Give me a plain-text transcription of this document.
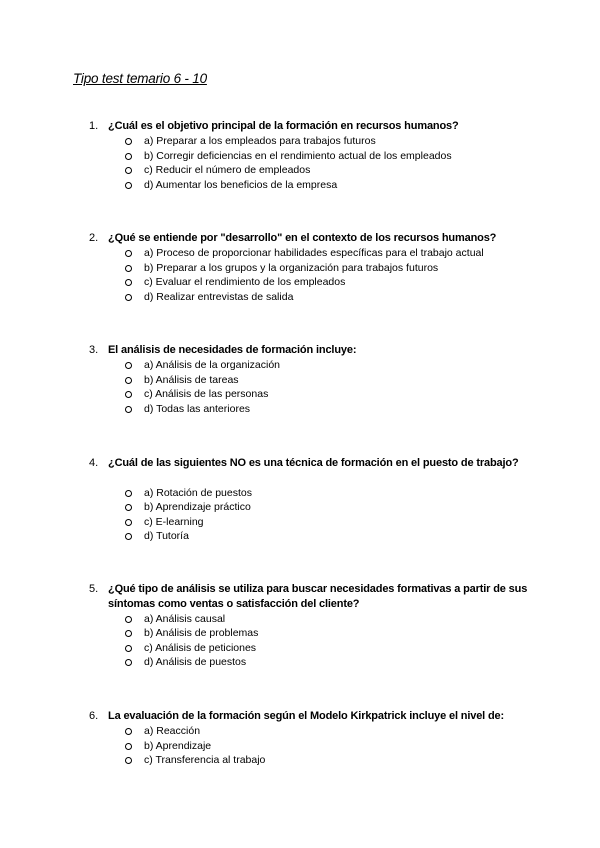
Tipo test temario 6 - 10
1. ¿Cuál es el objetivo principal de la formación en recursos humanos?

a) Preparar a los empleados para trabajos futuros
b) Corregir deficiencias en el rendimiento actual de los empleados
c) Reducir el número de empleados
d) Aumentar los beneficios de la empresa
2. ¿Qué se entiende por "desarrollo" en el contexto de los recursos humanos?

a) Proceso de proporcionar habilidades específicas para el trabajo actual
b) Preparar a los grupos y la organización para trabajos futuros
c) Evaluar el rendimiento de los empleados
d) Realizar entrevistas de salida
3. El análisis de necesidades de formación incluye:

a) Análisis de la organización
b) Análisis de tareas
c) Análisis de las personas
d) Todas las anteriores
4. ¿Cuál de las siguientes NO es una técnica de formación en el puesto de trabajo?

a) Rotación de puestos
b) Aprendizaje práctico
c) E-learning
d) Tutoría
5. ¿Qué tipo de análisis se utiliza para buscar necesidades formativas a partir de sus síntomas como ventas o satisfacción del cliente?

a) Análisis causal
b) Análisis de problemas
c) Análisis de peticiones
d) Análisis de puestos
6. La evaluación de la formación según el Modelo Kirkpatrick incluye el nivel de:

a) Reacción
b) Aprendizaje
c) Transferencia al trabajo
